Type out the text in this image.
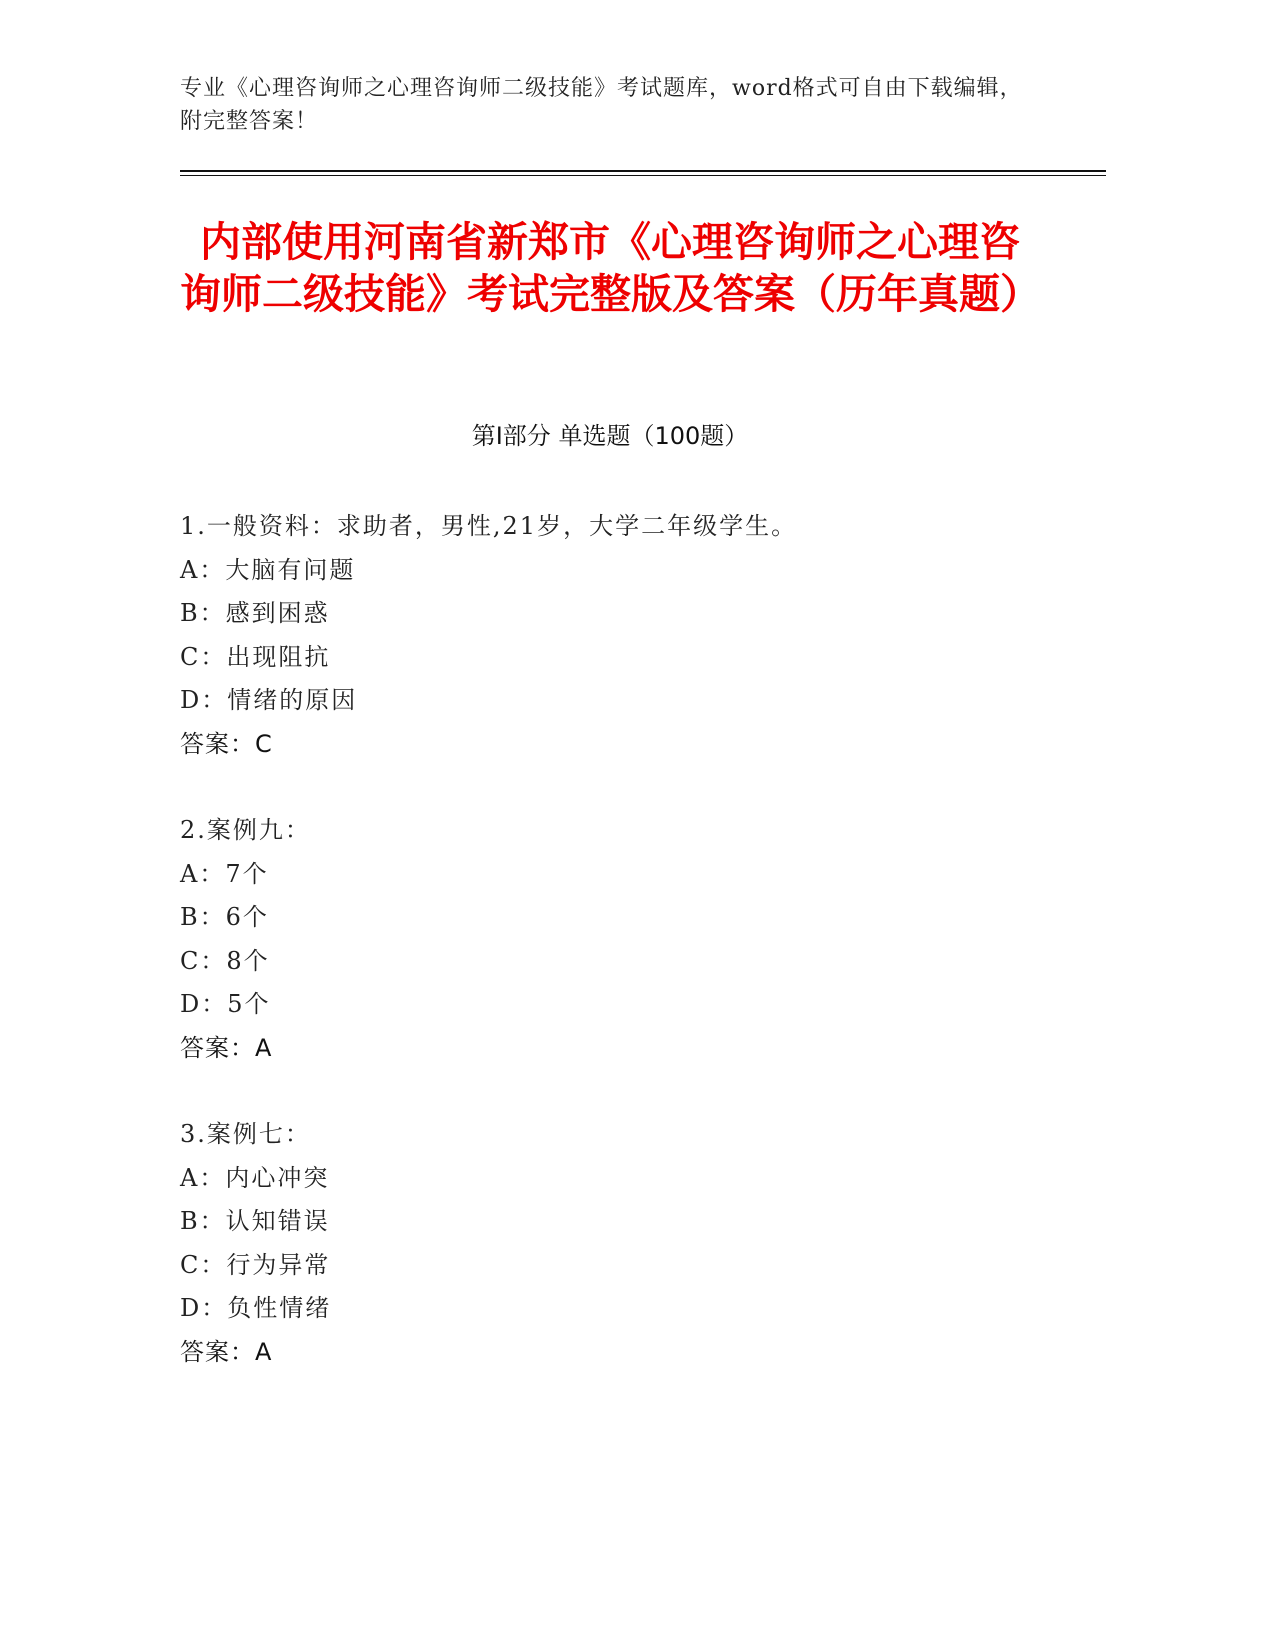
专业《心理咨询师之心理咨询师二级技能》考试题库，word格式可自由下载编辑，附完整答案！
内部使用河南省新郑市《心理咨询师之心理咨询师二级技能》考试完整版及答案（历年真题）
第Ⅰ部分 单选题（100题）
1.一般资料：求助者，男性,21岁，大学二年级学生。
A：大脑有问题
B：感到困惑
C：出现阻抗
D：情绪的原因
答案：C
2.案例九：
A：7个
B：6个
C：8个
D：5个
答案：A
3.案例七：
A：内心冲突
B：认知错误
C：行为异常
D：负性情绪
答案：A
